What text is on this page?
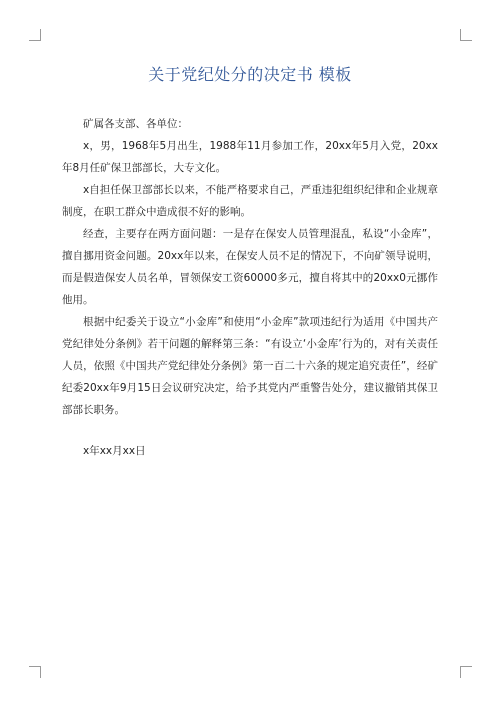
关于党纪处分的决定书 模板

矿属各支部、各单位：

x，男，1968年5月出生，1988年11月参加工作，20xx年5月入党，20xx年8月任矿保卫部部长，大专文化。

x自担任保卫部部长以来，不能严格要求自己，严重违犯组织纪律和企业规章制度，在职工群众中造成很不好的影响。

经查，主要存在两方面问题：一是存在保安人员管理混乱，私设“小金库”，擅自挪用资金问题。20xx年以来，在保安人员不足的情况下，不向矿领导说明，而是假造保安人员名单，冒领保安工资60000多元，擅自将其中的20xx0元挪作他用。

根据中纪委关于设立“小金库”和使用“小金库”款项违纪行为适用《中国共产党纪律处分条例》若干问题的解释第三条：“有设立‘小金库’行为的，对有关责任人员，依照《中国共产党纪律处分条例》第一百二十六条的规定追究责任”，经矿纪委20xx年9月15日会议研究决定，给予其党内严重警告处分，建议撤销其保卫部部长职务。

x年xx月xx日
